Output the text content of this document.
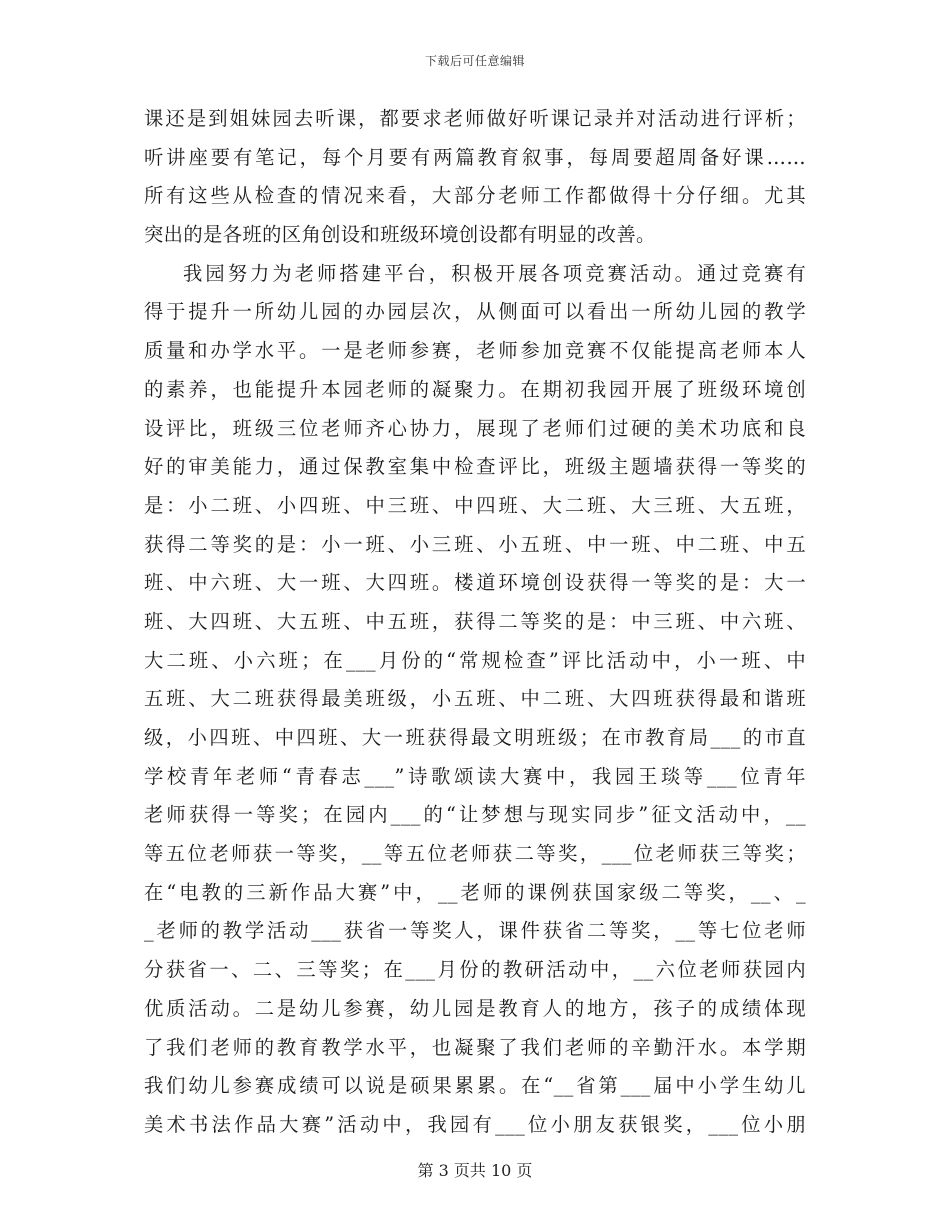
下载后可任意编辑
课还是到姐妹园去听课，都要求老师做好听课记录并对活动进行评析；
听讲座要有笔记，每个月要有两篇教育叙事，每周要超周备好课……
所有这些从检查的情况来看，大部分老师工作都做得十分仔细。尤其
突出的是各班的区角创设和班级环境创设都有明显的改善。
我园努力为老师搭建平台，积极开展各项竞赛活动。通过竞赛有
得于提升一所幼儿园的办园层次，从侧面可以看出一所幼儿园的教学
质量和办学水平。一是老师参赛，老师参加竞赛不仅能提高老师本人
的素养，也能提升本园老师的凝聚力。在期初我园开展了班级环境创
设评比，班级三位老师齐心协力，展现了老师们过硬的美术功底和良
好的审美能力，通过保教室集中检查评比，班级主题墙获得一等奖的
是：小二班、小四班、中三班、中四班、大二班、大三班、大五班，
获得二等奖的是：小一班、小三班、小五班、中一班、中二班、中五
班、中六班、大一班、大四班。楼道环境创设获得一等奖的是：大一
班、大四班、大五班、中五班，获得二等奖的是：中三班、中六班、
大二班、小六班；在___月份的“常规检查”评比活动中，小一班、中
五班、大二班获得最美班级，小五班、中二班、大四班获得最和谐班
级，小四班、中四班、大一班获得最文明班级；在市教育局___的市直
学校青年老师“青春志___”诗歌颂读大赛中，我园王琰等___位青年
老师获得一等奖；在园内___的“让梦想与现实同步”征文活动中，__
等五位老师获一等奖，__等五位老师获二等奖，___位老师获三等奖；
在“电教的三新作品大赛”中，__老师的课例获国家级二等奖，__、_
_老师的教学活动___获省一等奖人，课件获省二等奖，__等七位老师
分获省一、二、三等奖；在___月份的教研活动中，__六位老师获园内
优质活动。二是幼儿参赛，幼儿园是教育人的地方，孩子的成绩体现
了我们老师的教育教学水平，也凝聚了我们老师的辛勤汗水。本学期
我们幼儿参赛成绩可以说是硕果累累。在“__省第___届中小学生幼儿
美术书法作品大赛”活动中，我园有___位小朋友获银奖，___位小朋
第 3 页共 10 页
